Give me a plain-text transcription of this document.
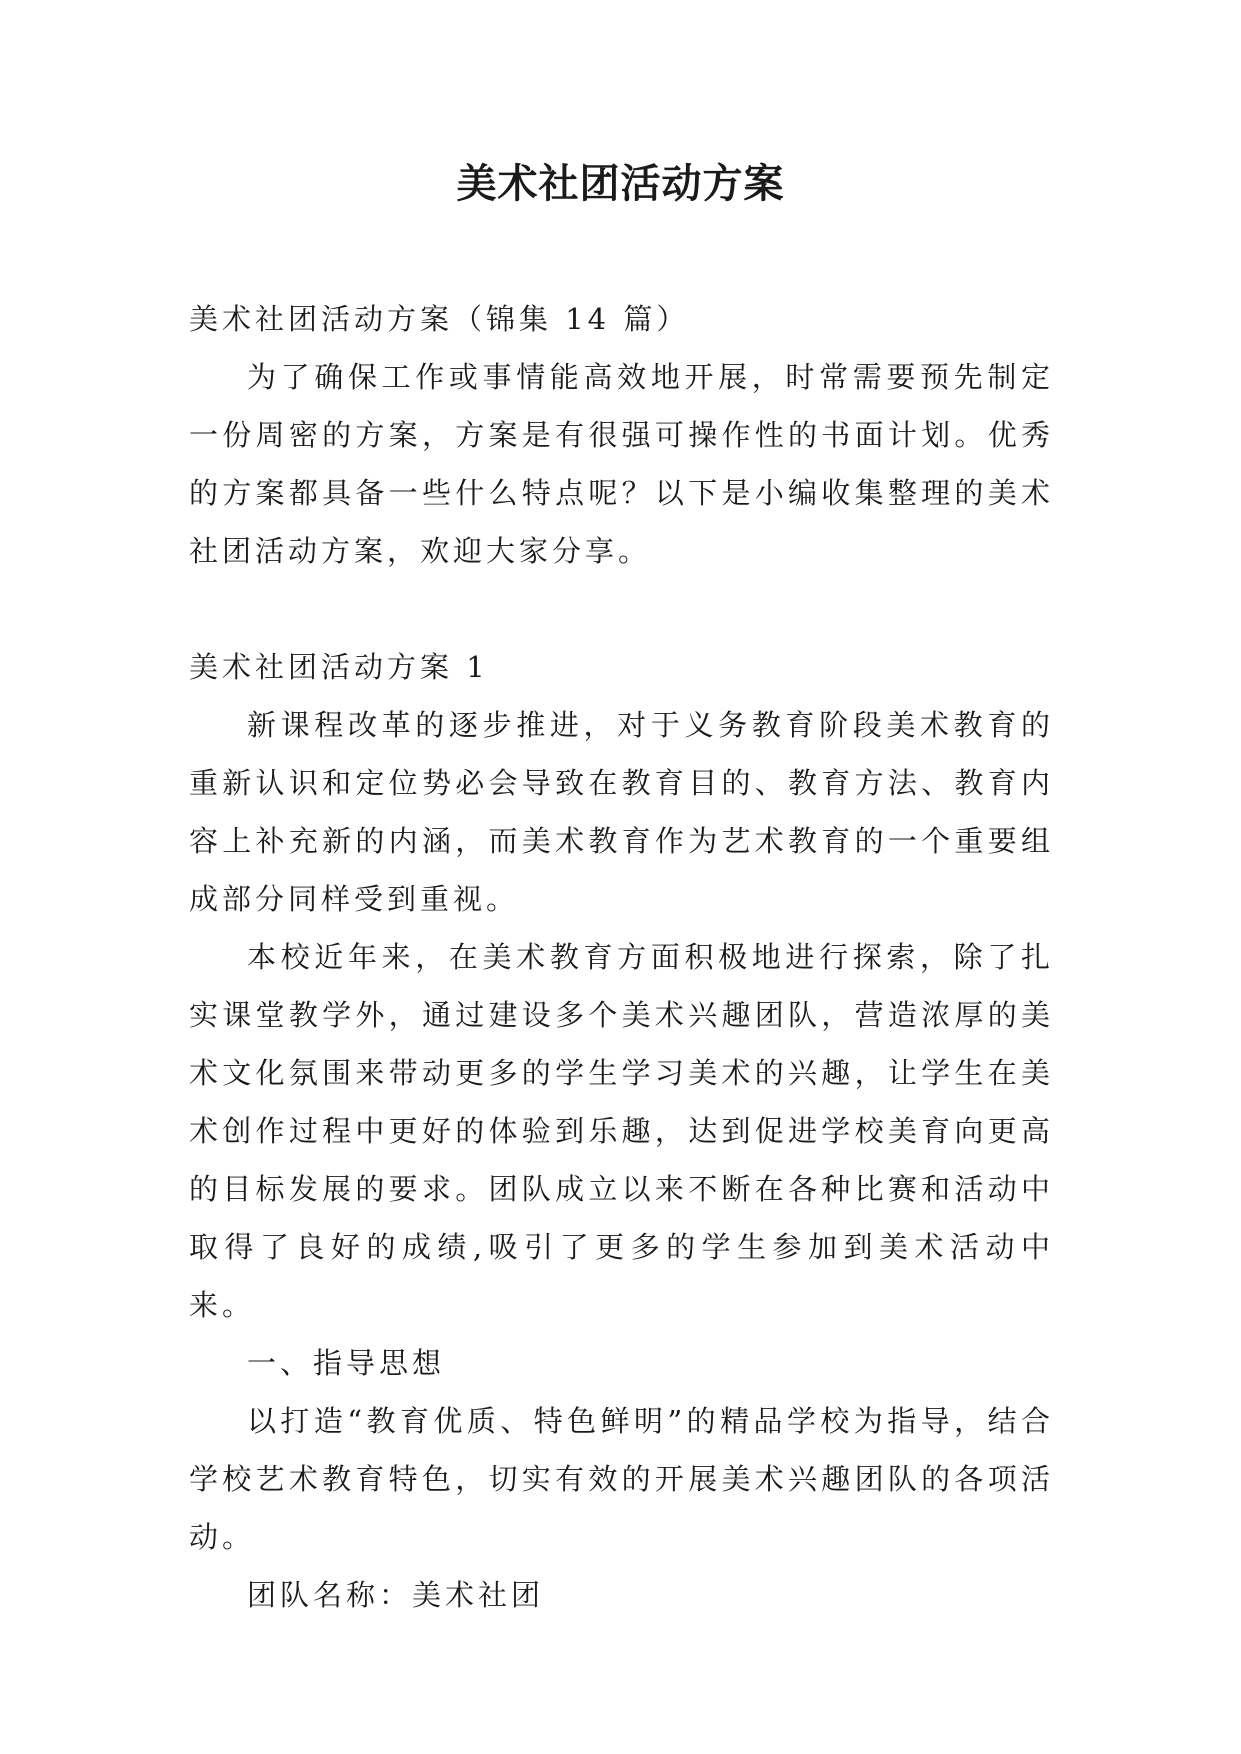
美术社团活动方案

美术社团活动方案（锦集 14 篇）

为了确保工作或事情能高效地开展，时常需要预先制定一份周密的方案，方案是有很强可操作性的书面计划。优秀的方案都具备一些什么特点呢？以下是小编收集整理的美术社团活动方案，欢迎大家分享。

美术社团活动方案 1

新课程改革的逐步推进，对于义务教育阶段美术教育的重新认识和定位势必会导致在教育目的、教育方法、教育内容上补充新的内涵，而美术教育作为艺术教育的一个重要组成部分同样受到重视。

本校近年来，在美术教育方面积极地进行探索，除了扎实课堂教学外，通过建设多个美术兴趣团队，营造浓厚的美术文化氛围来带动更多的学生学习美术的兴趣，让学生在美术创作过程中更好的体验到乐趣，达到促进学校美育向更高的目标发展的要求。团队成立以来不断在各种比赛和活动中取得了良好的成绩,吸引了更多的学生参加到美术活动中来。

一、指导思想

以打造“教育优质、特色鲜明”的精品学校为指导，结合学校艺术教育特色，切实有效的开展美术兴趣团队的各项活动。

团队名称：美术社团
